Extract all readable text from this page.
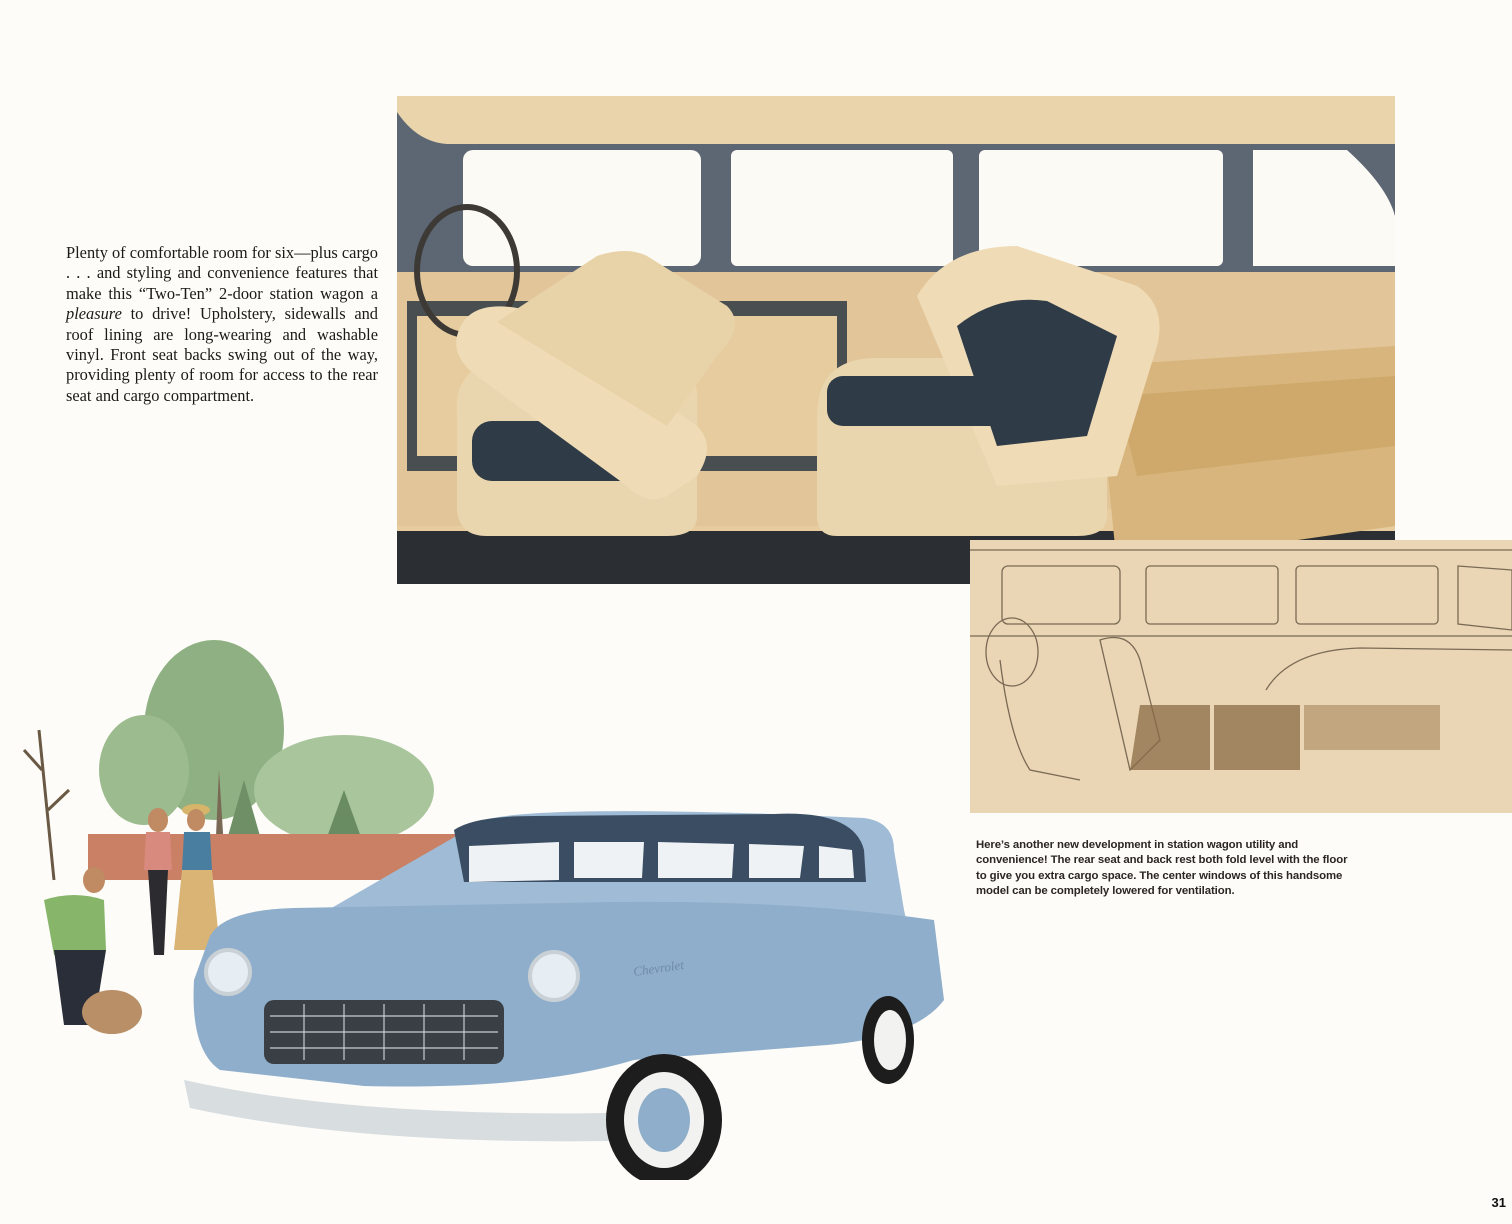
Plenty of comfortable room for six—plus cargo . . . and styling and convenience features that make this “Two-Ten” 2-door station wagon a pleasure to drive! Upholstery, sidewalls and roof lining are long-wearing and washable vinyl. Front seat backs swing out of the way, providing plenty of room for access to the rear seat and cargo compartment.
Here’s another new development in station wagon utility and convenience! The rear seat and back rest both fold level with the floor to give you extra cargo space. The center windows of this handsome model can be completely lowered for ventilation.
Chevrolet
31
